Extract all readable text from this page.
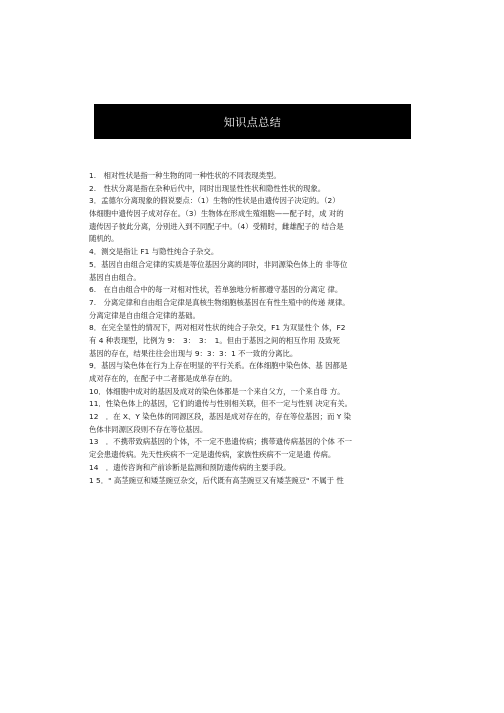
知识点总结
1.　相对性状是指一种生物的同一种性状的不同表现类型。
2.　性状分离是指在杂种后代中，同时出现显性性状和隐性性状的现象。
3．孟德尔分离现象的假说要点：（1）生物的性状是由遗传因子决定的。（2）
体细胞中遗传因子成对存在。（3）生物体在形成生殖细胞——配子时，成 对的
遗传因子彼此分离，分别进入到不同配子中。（4）受精时，雌雄配子的 结合是
随机的。
4．测交是指让 F1 与隐性纯合子杂交。
5．基因自由组合定律的实质是等位基因分离的同时，非同源染色体上的 非等位
基因自由组合。
6.　在自由组合中的每一对相对性状，若单独地分析都遵守基因的分离定 律。
7.　分离定律和自由组合定律是真核生物细胞核基因在有性生殖中的传递 规律。
分离定律是自由组合定律的基础。
8．在完全显性的情况下，两对相对性状的纯合子杂交，F1 为双显性个 体，F2
有 4 种表现型，比例为 9：　3：　3：　1。但由于基因之间的相互作用 及致死
基因的存在，结果往往会出现与 9：3：3：1 不一致的分离比。
9．基因与染色体在行为上存在明显的平行关系。在体细胞中染色体、基 因都是
成对存在的，在配子中二者都是成单存在的。
10．体细胞中成对的基因及成对的染色体都是一个来自父方，一个来自母 方。
11．性染色体上的基因，它们的遗传与性别相关联，但不一定与性别 决定有关。
12　．在 X、Y 染色体的同源区段，基因是成对存在的，存在等位基因；而 Y 染
色体非同源区段则不存在等位基因。
13　．不携带致病基因的个体，不一定不患遗传病；携带遗传病基因的个体 不一
定会患遗传病。先天性疾病不一定是遗传病，家族性疾病不一定是遗 传病。
14　．遗传咨询和产前诊断是监测和预防遗传病的主要手段。
1 5．" 高茎豌豆和矮茎豌豆杂交，后代既有高茎豌豆又有矮茎豌豆" 不属于 性
